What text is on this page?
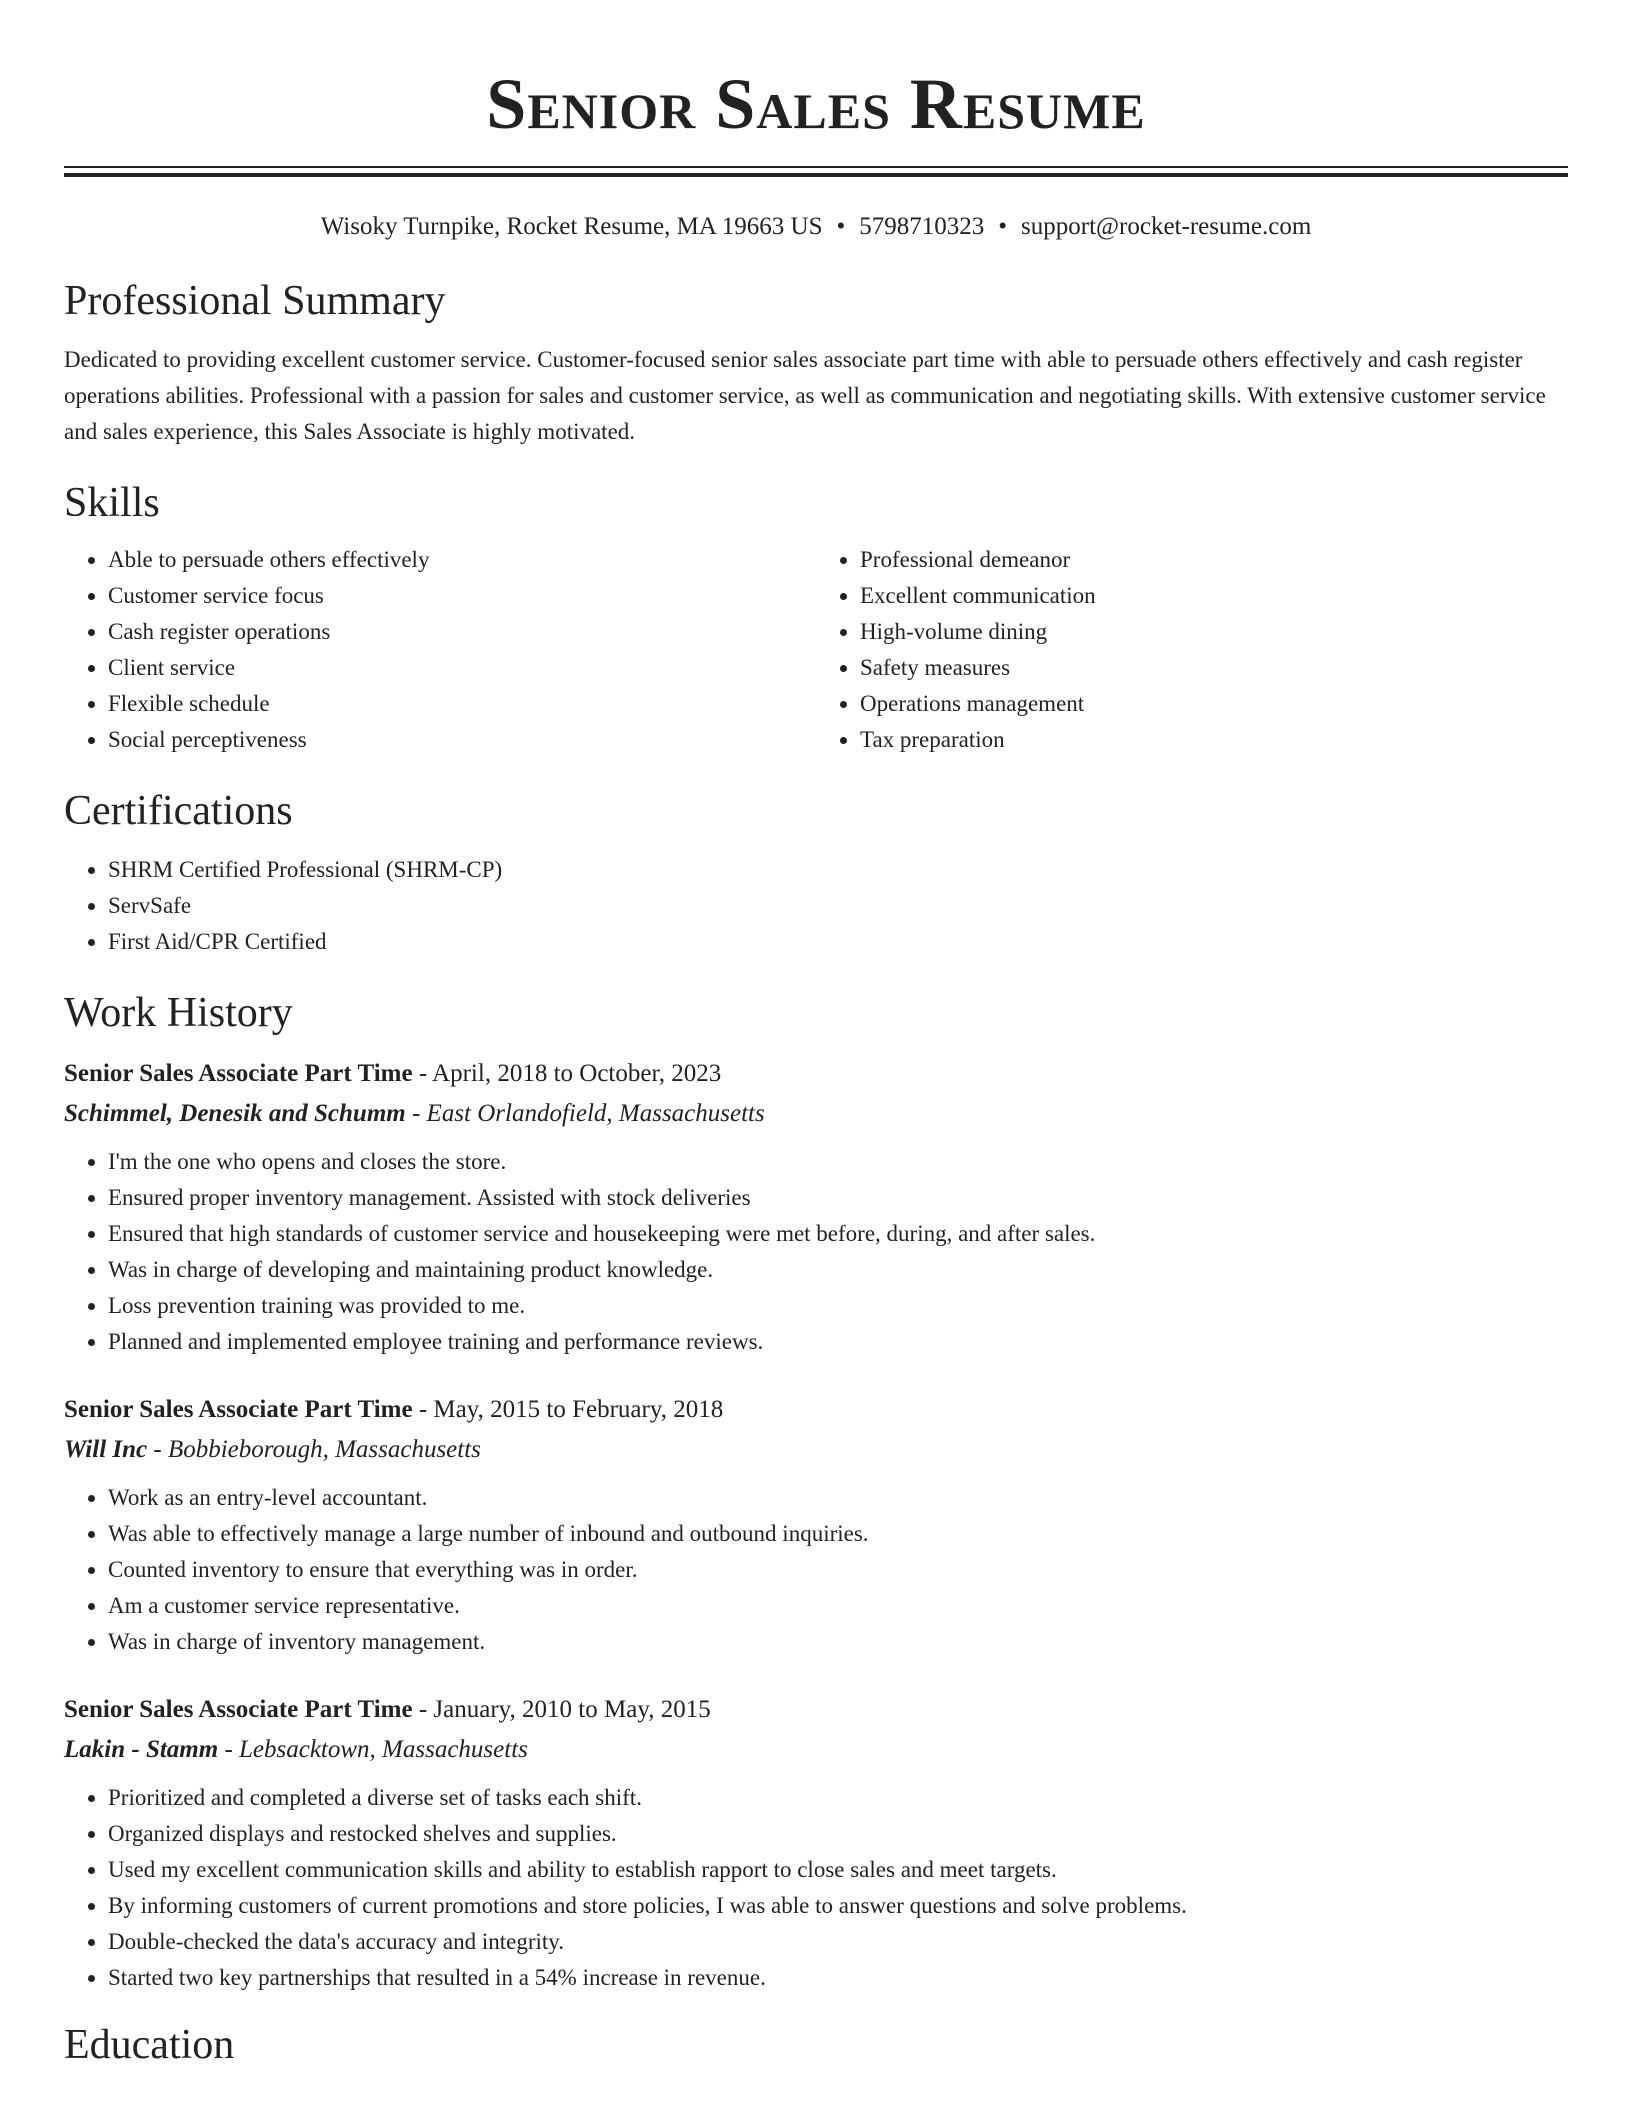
Senior Sales Resume
Wisoky Turnpike, Rocket Resume, MA 19663 US • 5798710323 • support@rocket-resume.com
Professional Summary

Dedicated to providing excellent customer service. Customer-focused senior sales associate part time with able to persuade others effectively and cash register operations abilities. Professional with a passion for sales and customer service, as well as communication and negotiating skills. With extensive customer service and sales experience, this Sales Associate is highly motivated.

Skills
• Able to persuade others effectively
• Customer service focus
• Cash register operations
• Client service
• Flexible schedule
• Social perceptiveness
• Professional demeanor
• Excellent communication
• High-volume dining
• Safety measures
• Operations management
• Tax preparation
Certifications
• SHRM Certified Professional (SHRM-CP)
• ServSafe
• First Aid/CPR Certified
Work History
Senior Sales Associate Part Time - April, 2018 to October, 2023
Schimmel, Denesik and Schumm - East Orlandofield, Massachusetts
• I'm the one who opens and closes the store.
• Ensured proper inventory management. Assisted with stock deliveries
• Ensured that high standards of customer service and housekeeping were met before, during, and after sales.
• Was in charge of developing and maintaining product knowledge.
• Loss prevention training was provided to me.
• Planned and implemented employee training and performance reviews.
Senior Sales Associate Part Time - May, 2015 to February, 2018
Will Inc - Bobbieborough, Massachusetts
• Work as an entry-level accountant.
• Was able to effectively manage a large number of inbound and outbound inquiries.
• Counted inventory to ensure that everything was in order.
• Am a customer service representative.
• Was in charge of inventory management.
Senior Sales Associate Part Time - January, 2010 to May, 2015
Lakin - Stamm - Lebsacktown, Massachusetts
• Prioritized and completed a diverse set of tasks each shift.
• Organized displays and restocked shelves and supplies.
• Used my excellent communication skills and ability to establish rapport to close sales and meet targets.
• By informing customers of current promotions and store policies, I was able to answer questions and solve problems.
• Double-checked the data's accuracy and integrity.
• Started two key partnerships that resulted in a 54% increase in revenue.
Education
